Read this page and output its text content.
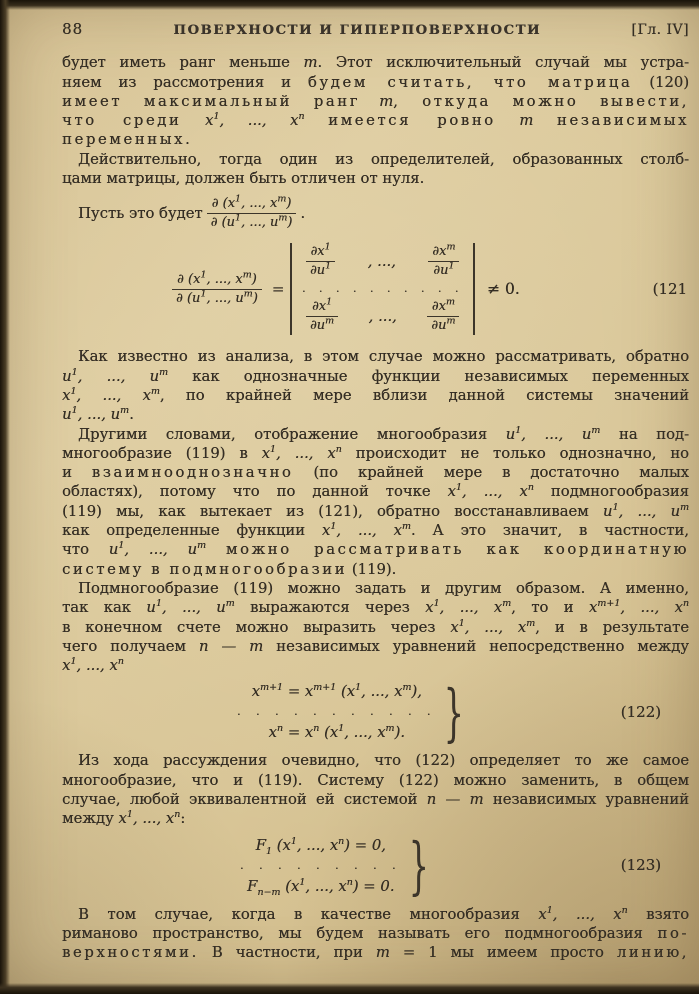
88	ПОВЕРХНОСТИ И ГИПЕРПОВЕРХНОСТИ	[Гл. IV]
будет иметь ранг меньше m. Этот исключительный случай мы устра-
няем из рассмотрения и будем считать, что матрица (120)
имеет максимальный ранг m, откуда можно вывести,
что среди $x^1$, ..., $x^n$ имеется ровно m независимых
переменных.
Действительно, тогда один из определителей, образованных столб-
цами матрицы, должен быть отличен от нуля.
Пусть это будет $\frac{\partial (x^1, ..., x^m)}{\partial (u^1, ..., u^m)}$ .
$\frac{\partial (x^1, ..., x^m)}{\partial (u^1, ..., u^m)}$ =
$\frac{\partial x^1}{\partial u^1}$ , ..., $\frac{\partial x^m}{\partial u^1}$
. . . . . . . . . .
$\frac{\partial x^1}{\partial u^m}$ , ..., $\frac{\partial x^m}{\partial u^m}$
≠ 0.	(121
Как известно из анализа, в этом случае можно рассматривать, обратно
$u^1$, ..., $u^m$ как однозначные функции независимых переменных
$x^1$, ..., $x^m$, по крайней мере вблизи данной системы значений
$u^1$, ..., $u^m$.
Другими словами, отображение многообразия $u^1$, ..., $u^m$ на под-
многообразие (119) в $x^1$, ..., $x^n$ происходит не только однозначно, но
и взаимнооднозначно (по крайней мере в достаточно малых
областях), потому что по данной точке $x^1$, ..., $x^n$ подмногообразия
(119) мы, как вытекает из (121), обратно восстанавливаем $u^1$, ..., $u^m$
как определенные функции $x^1$, ..., $x^m$. А это значит, в частности,
что $u^1$, ..., $u^m$ можно рассматривать как координатную
систему в подмногообразии (119).
Подмногообразие (119) можно задать и другим образом. А именно,
так как $u^1$, ..., $u^m$ выражаются через $x^1$, ..., $x^m$, то и $x^{m+1}$, ..., $x^n$
в конечном счете можно выразить через $x^1$, ..., $x^m$, и в результате
чего получаем n — m независимых уравнений непосредственно между
$x^1$, ..., $x^n$
$x^{m+1} = x^{m+1}$ ($x^1$, ..., $x^m$),
. . . . . . . . . . .
$x^n = x^n$ ($x^1$, ..., $x^m$). }	(122)
Из хода рассуждения очевидно, что (122) определяет то же самое
многообразие, что и (119). Систему (122) можно заменить, в общем
случае, любой эквивалентной ей системой n — m независимых уравнений
между $x^1$, ..., $x^n$:
$F_1$ ($x^1$, ..., $x^n) = 0$,
. . . . . . . . .
$F_{n-m}$ ($x^1$, ..., $x^n) = 0$. }	(123)
В том случае, когда в качестве многообразия $x^1$, ..., $x^n$ взято
риманово пространство, мы будем называть его подмногообразия по-
верхностями. В частности, при m = 1 мы имеем просто линию,
